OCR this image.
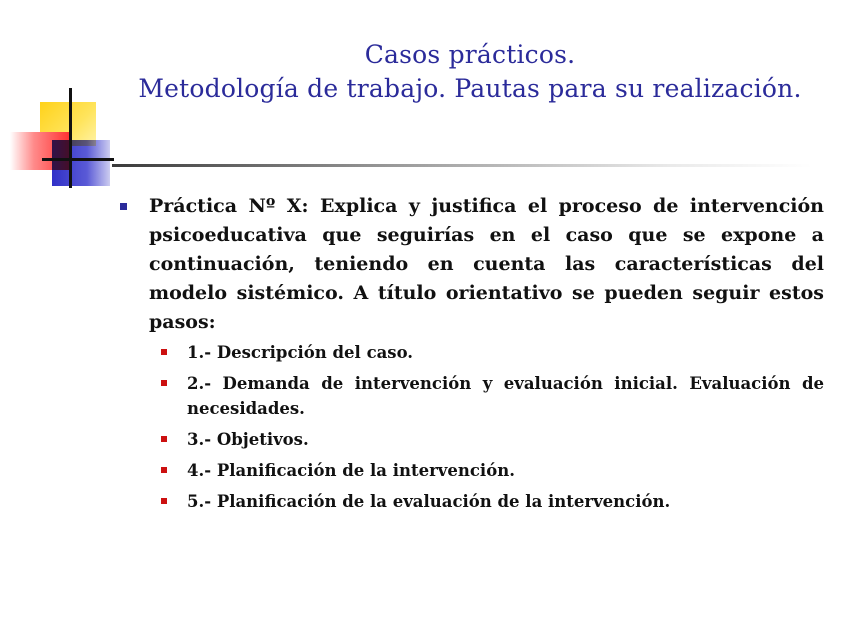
Casos prácticos.
Metodología de trabajo. Pautas para su realización.
Práctica Nº X: Explica y justifica el proceso de intervención psicoeducativa que seguirías en el caso que se expone a continuación, teniendo en cuenta las características del modelo sistémico. A título orientativo se pueden seguir estos pasos:
1.- Descripción del caso.
2.- Demanda de intervención y evaluación inicial. Evaluación de necesidades.
3.- Objetivos.
4.- Planificación de la intervención.
5.- Planificación de la evaluación de la intervención.
